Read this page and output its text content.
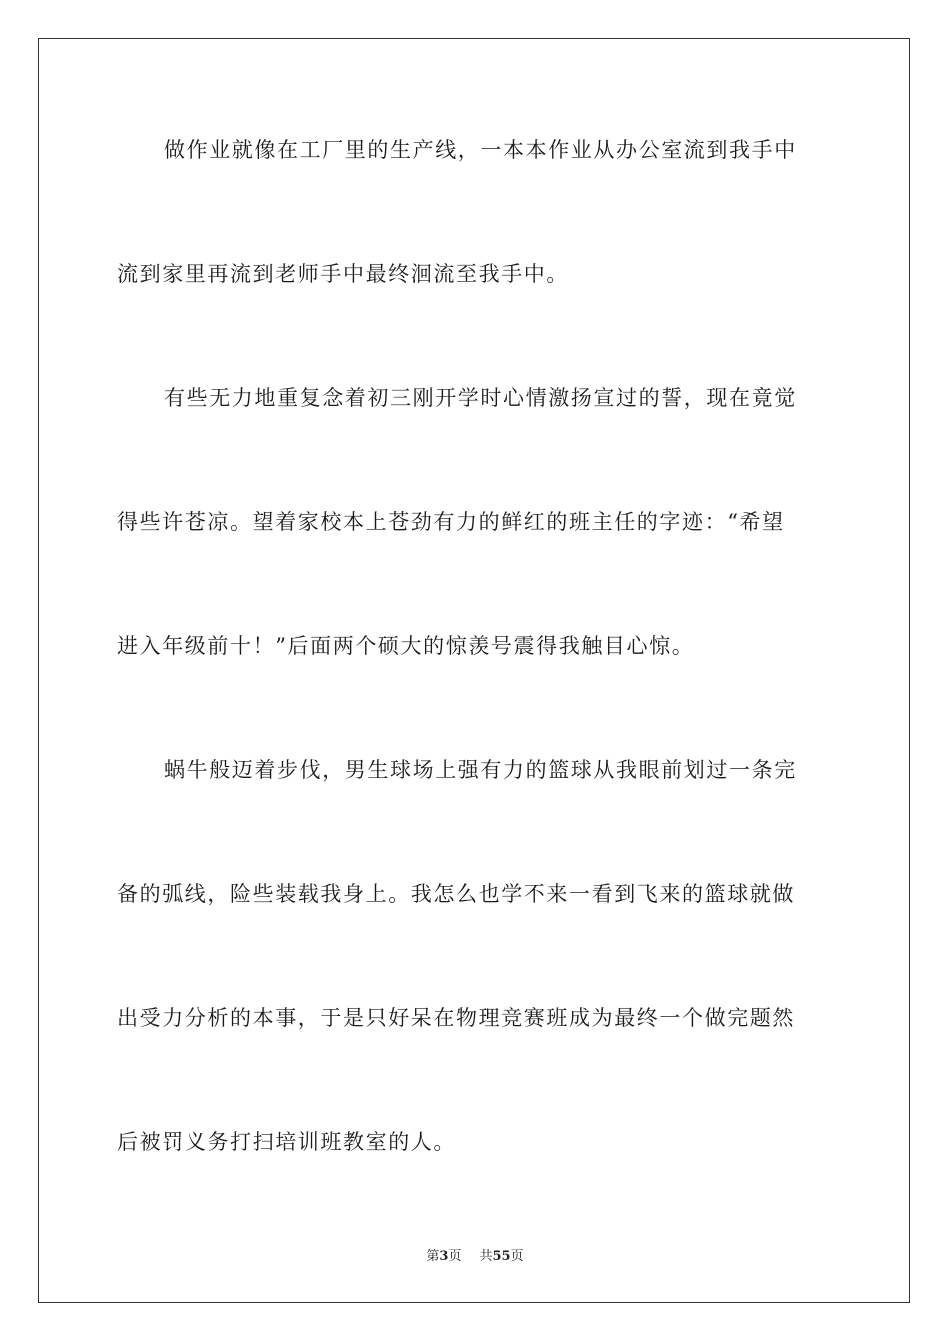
做作业就像在工厂里的生产线，一本本作业从办公室流到我手中
流到家里再流到老师手中最终洄流至我手中。
有些无力地重复念着初三刚开学时心情激扬宣过的誓，现在竟觉
得些许苍凉。望着家校本上苍劲有力的鲜红的班主任的字迹：“希望
进入年级前十！”后面两个硕大的惊羡号震得我触目心惊。
蜗牛般迈着步伐，男生球场上强有力的篮球从我眼前划过一条完
备的弧线，险些装载我身上。我怎么也学不来一看到飞来的篮球就做
出受力分析的本事，于是只好呆在物理竞赛班成为最终一个做完题然
后被罚义务打扫培训班教室的人。
第3页 共55页
